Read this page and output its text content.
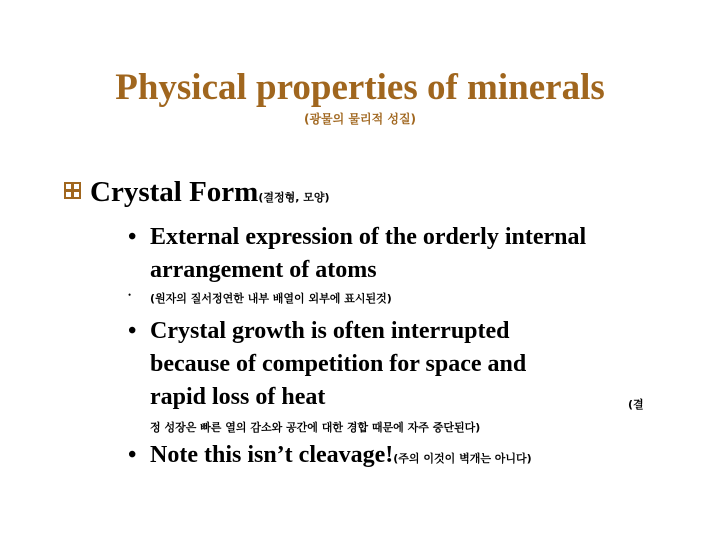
Physical properties of minerals
(광물의 물리적 성질)
Crystal Form(결정형, 모양)
• External expression of the orderly internal
arrangement of atoms
• (원자의 질서정연한 내부 배열이 외부에 표시된것)
• Crystal growth is often interrupted
because of competition for space and
rapid loss of heat	(결
정 성장은 빠른 열의 감소와 공간에 대한 경합 때문에 자주 중단된다)
• Note this isn’t cleavage!(주의 이것이 벽개는 아니다)
